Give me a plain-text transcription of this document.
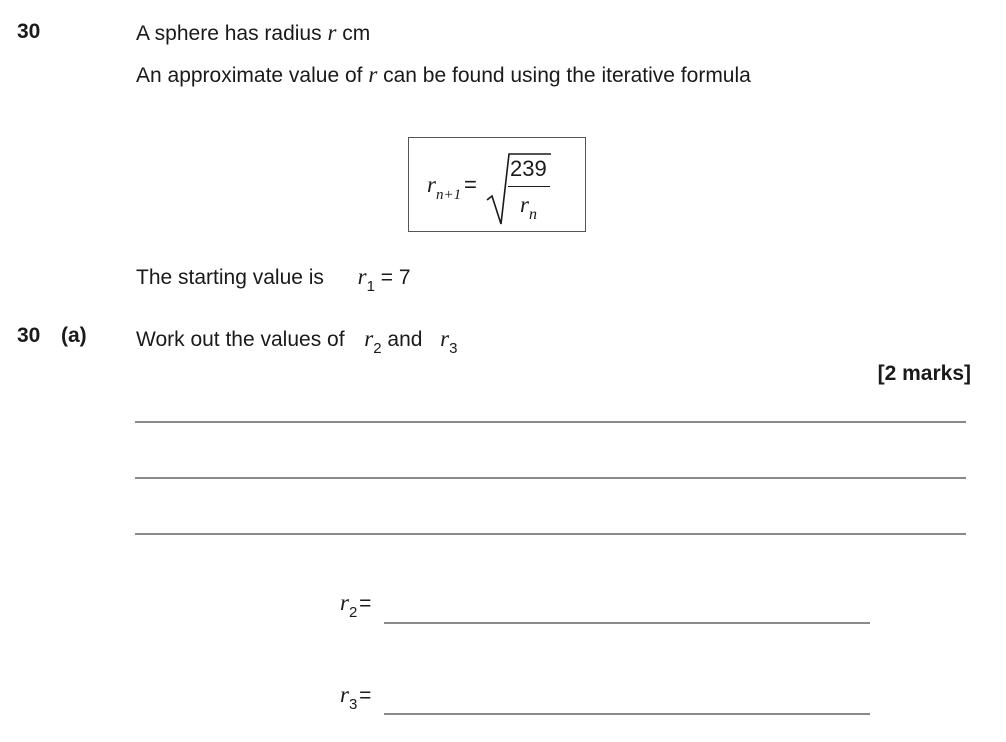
30	A sphere has radius r cm
An approximate value of r can be found using the iterative formula
$r_{n+1}$ =
239
$r_n$
The starting value is $r_1 = 7$
30 (a) Work out the values of $r_2$ and $r_3$
[2 marks]
$r_2$ =
$r_3$ =
